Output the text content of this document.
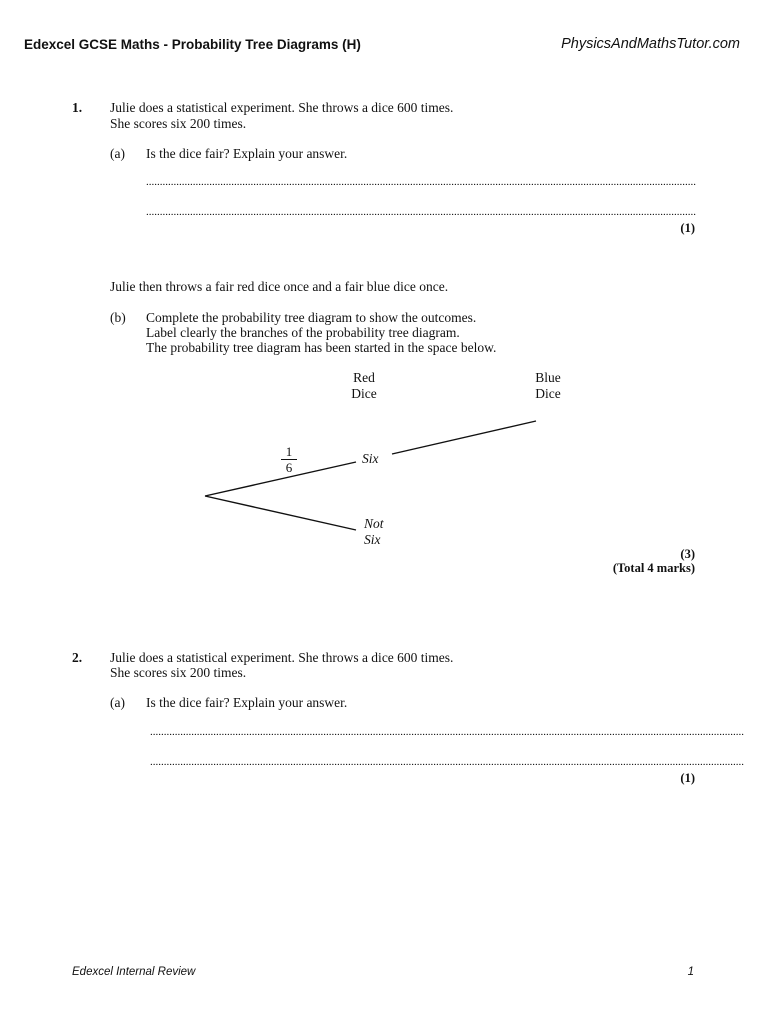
Edexcel GCSE Maths - Probability Tree Diagrams (H)	PhysicsAndMathsTutor.com
1. Julie does a statistical experiment. She throws a dice 600 times.
She scores six 200 times.
(a) Is the dice fair? Explain your answer.
........................................................................................................................................................................................................
........................................................................................................................................................................................................
(1)
Julie then throws a fair red dice once and a fair blue dice once.
(b) Complete the probability tree diagram to show the outcomes.
Label clearly the branches of the probability tree diagram.
The probability tree diagram has been started in the space below.
Red
Dice
Blue
Dice
1
6
Six
Not
Six
(3)
(Total 4 marks)
2. Julie does a statistical experiment. She throws a dice 600 times.
She scores six 200 times.
(a) Is the dice fair? Explain your answer.
........................................................................................................................................................................................................................
........................................................................................................................................................................................................................
(1)
Edexcel Internal Review	1
